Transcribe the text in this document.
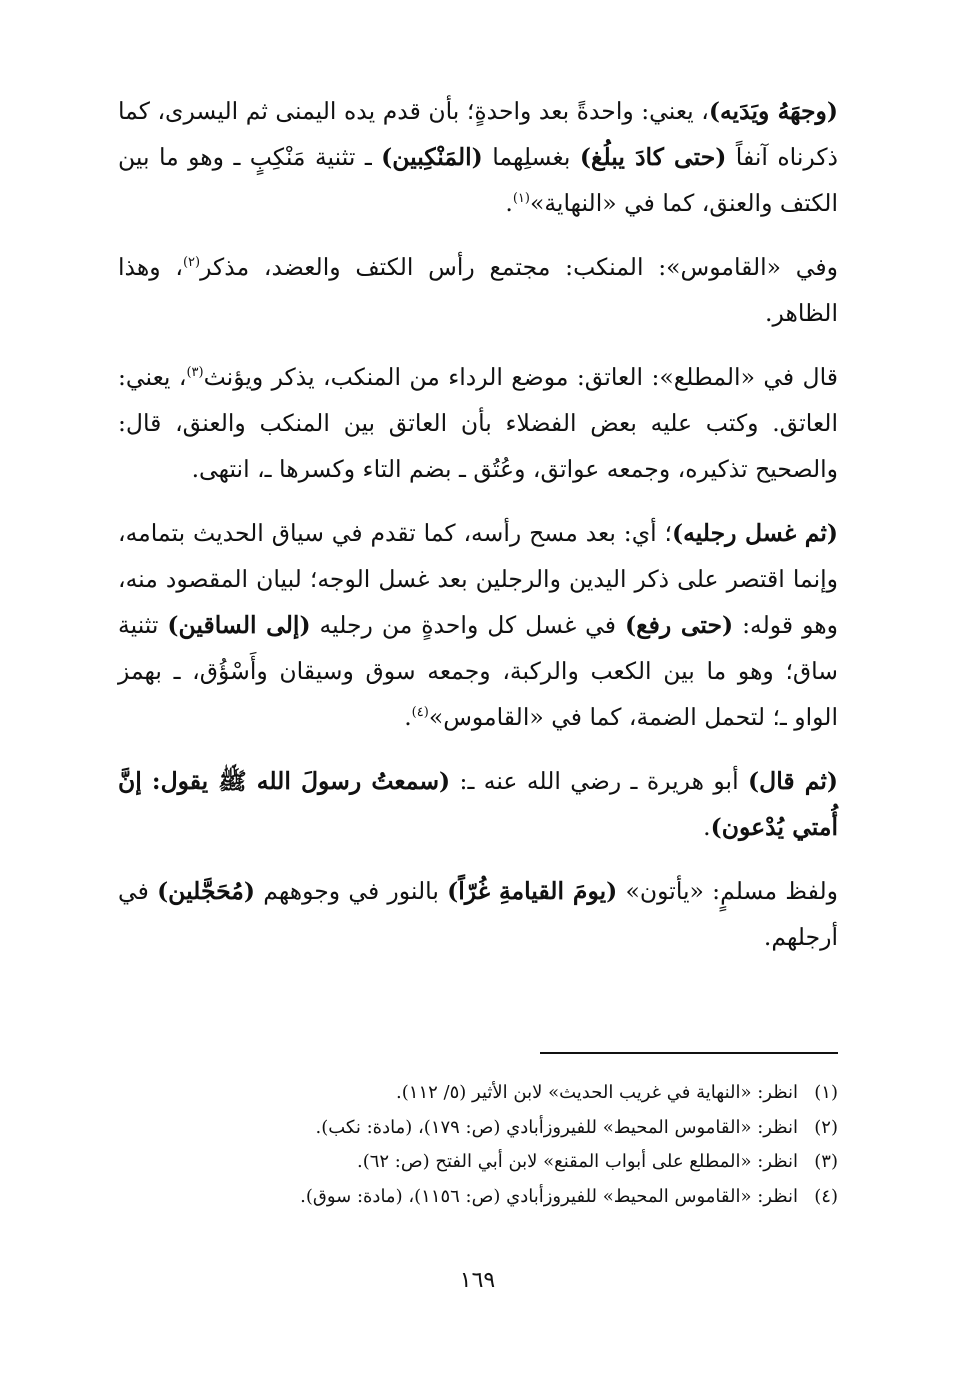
(وجهَهُ ويَدَيه)، يعني: واحدةً بعد واحدةٍ؛ بأن قدم يده اليمنى ثم اليسرى، كما ذكرناه آنفاً (حتى كادَ يبلُغ) بغسلِهما (المَنْكِبين) ـ تثنية مَنْكِبٍ ـ وهو ما بين الكتف والعنق، كما في «النهاية»$^{(١)}$.

وفي «القاموس»: المنكب: مجتمع رأس الكتف والعضد، مذكر$^{(٢)}$، وهذا الظاهر.

قال في «المطلع»: العاتق: موضع الرداء من المنكب، يذكر ويؤنث$^{(٣)}$، يعني: العاتق. وكتب عليه بعض الفضلاء بأن العاتق بين المنكب والعنق، قال: والصحيح تذكيره، وجمعه عواتق، وعُتُق ـ بضم التاء وكسرها ـ، انتهى.

(ثم غسل رجليه)؛ أي: بعد مسح رأسه، كما تقدم في سياق الحديث بتمامه، وإنما اقتصر على ذكر اليدين والرجلين بعد غسل الوجه؛ لبيان المقصود منه، وهو قوله: (حتى رفع) في غسل كل واحدةٍ من رجليه (إلى الساقين) تثنية ساق؛ وهو ما بين الكعب والركبة، وجمعه سوق وسيقان وأَسْؤُق، ـ بهمز الواو ـ؛ لتحمل الضمة، كما في «القاموس»$^{(٤)}$.

(ثم قال) أبو هريرة ـ رضي الله عنه ـ: (سمعتُ رسولَ الله ﷺ يقول: إنَّ أُمتي يُدْعون).

ولفظ مسلمٍ: «يأتون» (يومَ القيامةِ غُرّاً) بالنور في وجوههم (مُحَجَّلين) في أرجلهم.

(١)انظر: «النهاية في غريب الحديث» لابن الأثير (٥/ ١١٢).
(٢)انظر: «القاموس المحيط» للفيروزأبادي (ص: ١٧٩)، (مادة: نكب).
(٣)انظر: «المطلع على أبواب المقنع» لابن أبي الفتح (ص: ٦٢).
(٤)انظر: «القاموس المحيط» للفيروزأبادي (ص: ١١٥٦)، (مادة: سوق).
١٦٩
